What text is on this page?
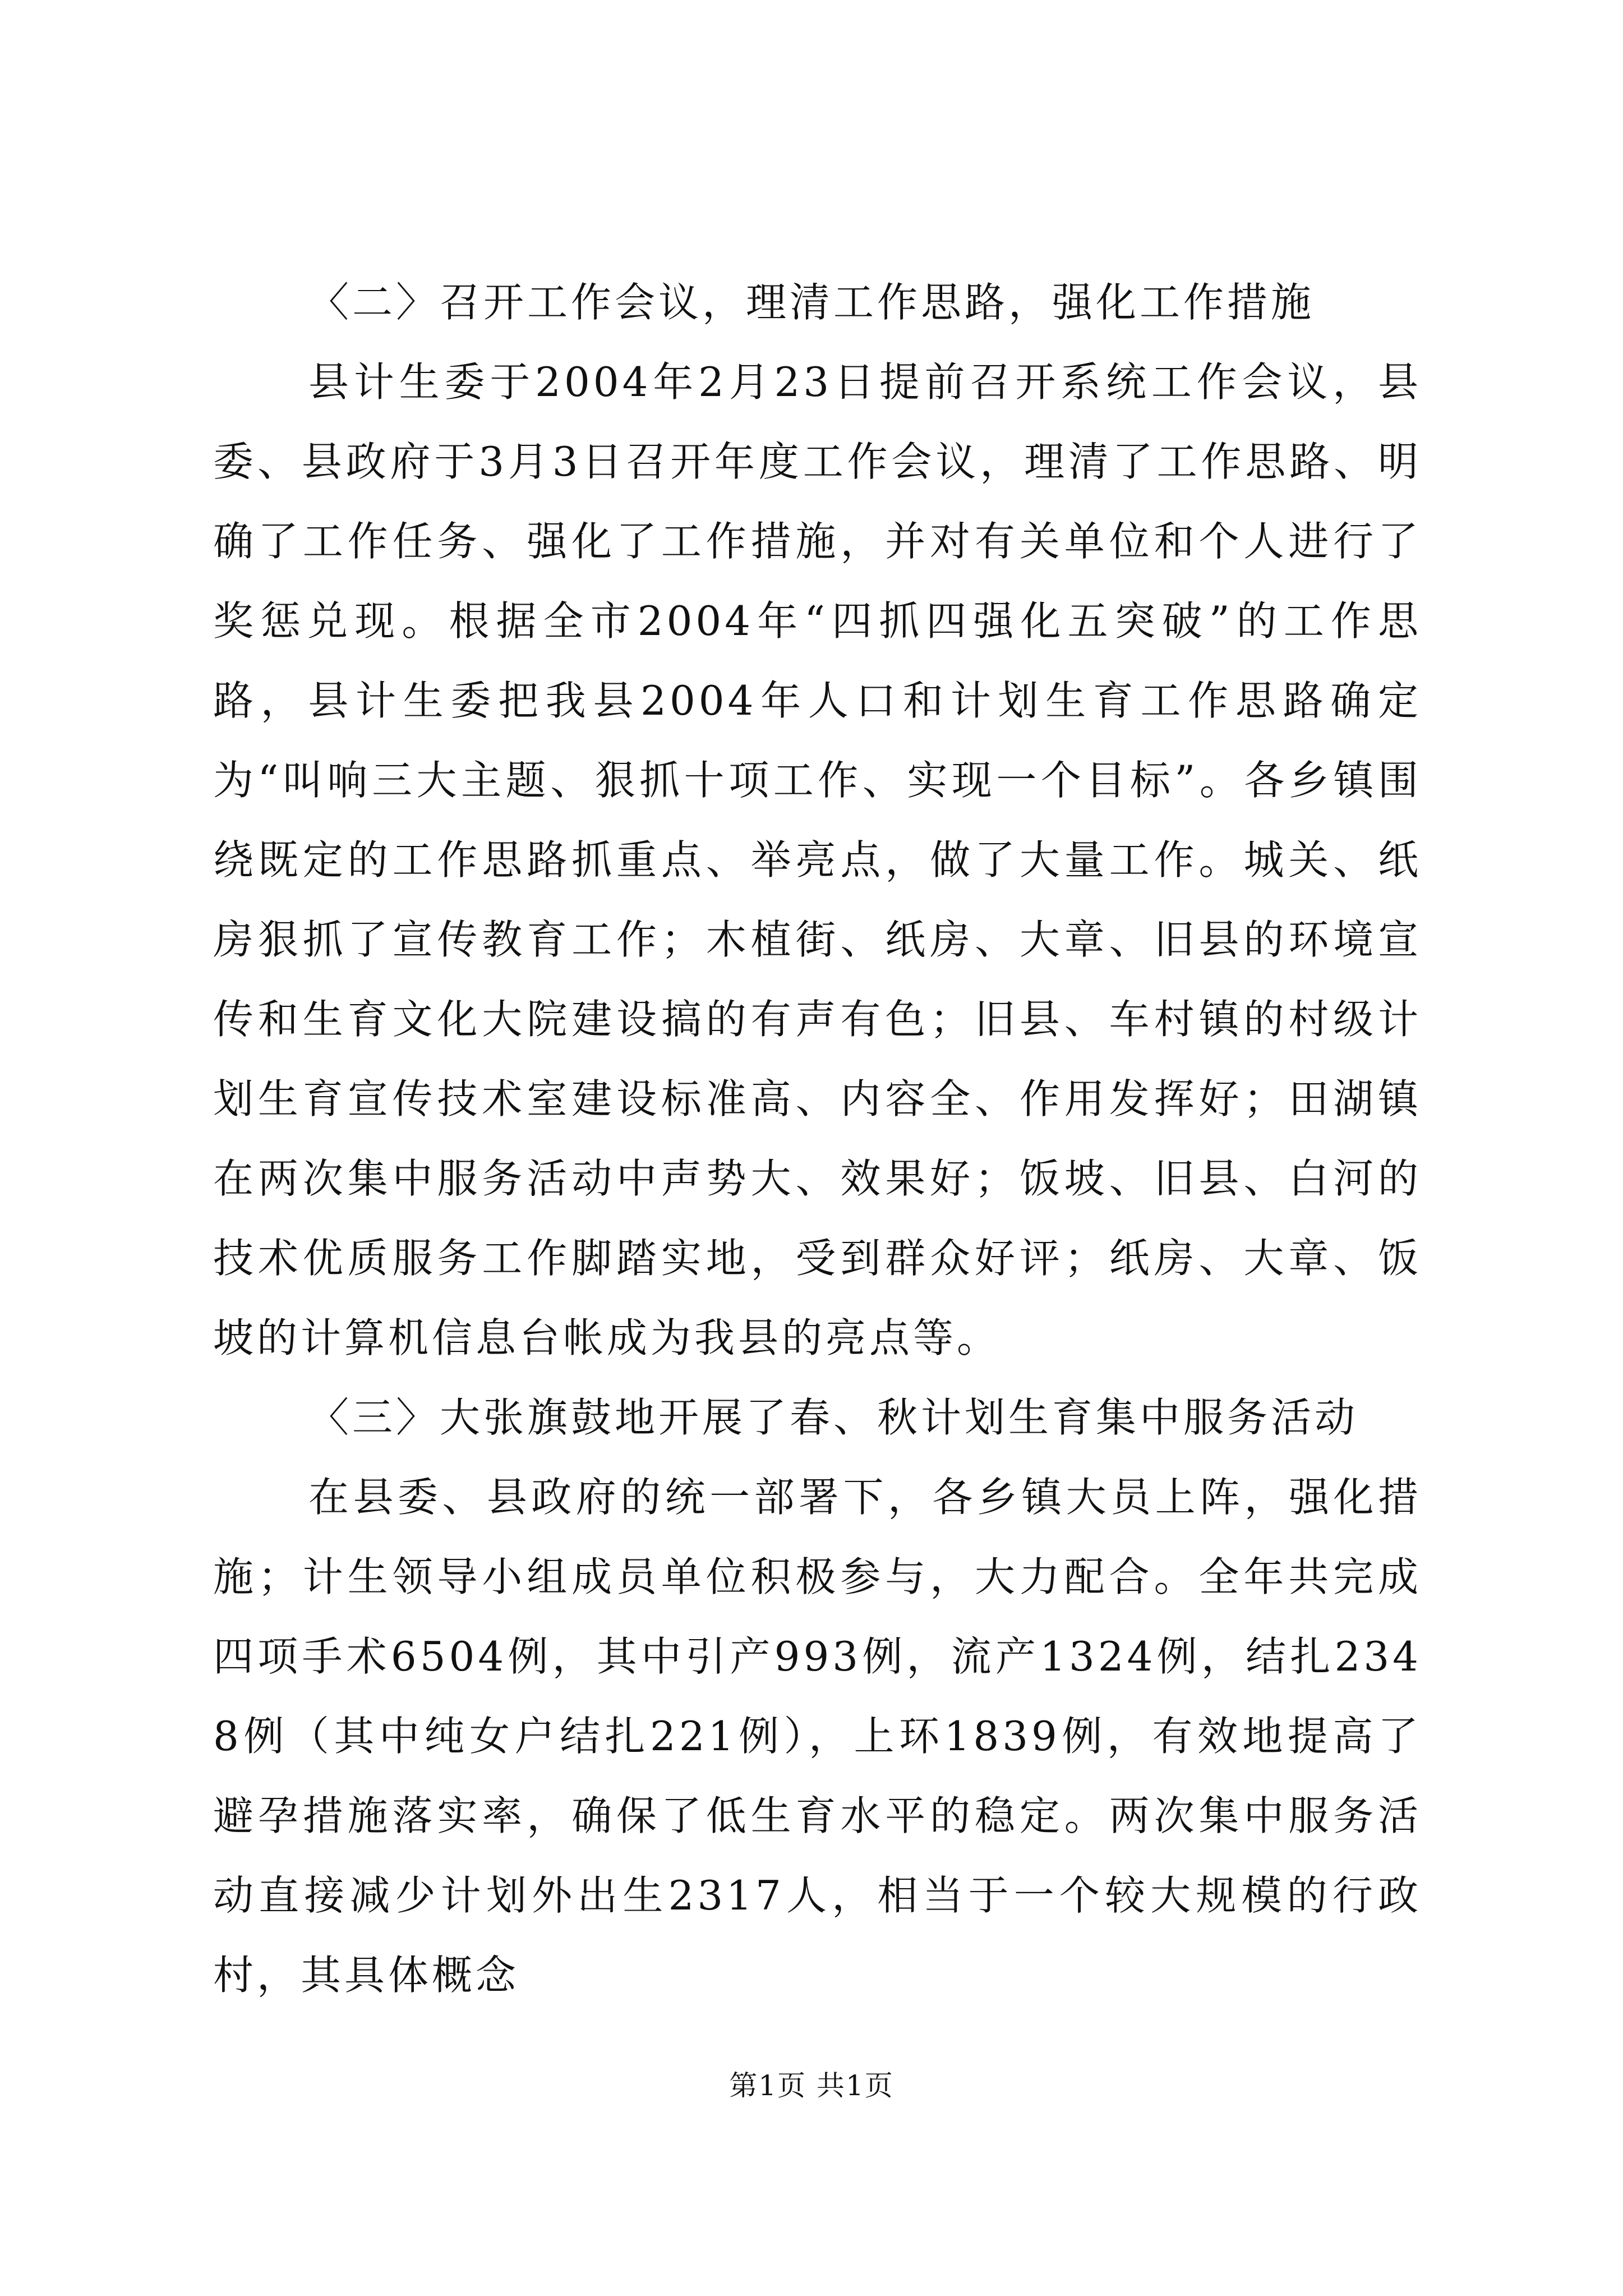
〈二〉召开工作会议，理清工作思路，强化工作措施

县计生委于2004年2月23日提前召开系统工作会议，县委、县政府于3月3日召开年度工作会议，理清了工作思路、明确了工作任务、强化了工作措施，并对有关单位和个人进行了奖惩兑现。根据全市2004年“四抓四强化五突破”的工作思路，县计生委把我县2004年人口和计划生育工作思路确定为“叫响三大主题、狠抓十项工作、实现一个目标”。各乡镇围绕既定的工作思路抓重点、举亮点，做了大量工作。城关、纸房狠抓了宣传教育工作；木植街、纸房、大章、旧县的环境宣传和生育文化大院建设搞的有声有色；旧县、车村镇的村级计划生育宣传技术室建设标准高、内容全、作用发挥好；田湖镇在两次集中服务活动中声势大、效果好；饭坡、旧县、白河的技术优质服务工作脚踏实地，受到群众好评；纸房、大章、饭坡的计算机信息台帐成为我县的亮点等。

〈三〉大张旗鼓地开展了春、秋计划生育集中服务活动

在县委、县政府的统一部署下，各乡镇大员上阵，强化措施；计生领导小组成员单位积极参与，大力配合。全年共完成四项手术6504例，其中引产993例，流产1324例，结扎2348例（其中纯女户结扎221例），上环1839例，有效地提高了避孕措施落实率，确保了低生育水平的稳定。两次集中服务活动直接减少计划外出生2317人，相当于一个较大规模的行政村，其具体概念

第1页 共1页
